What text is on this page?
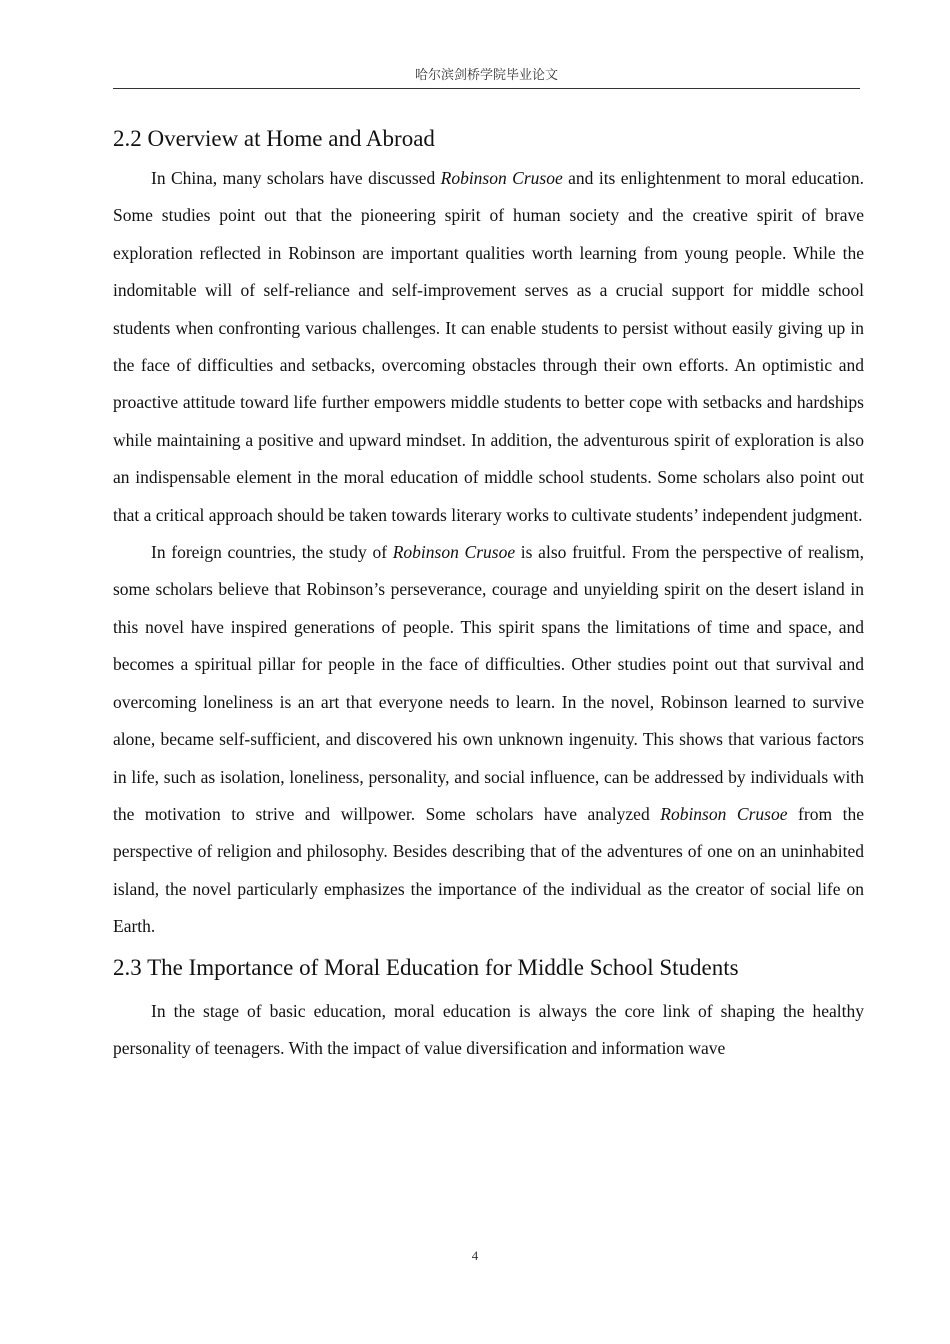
哈尔滨剑桥学院毕业论文
2.2 Overview at Home and Abroad

In China, many scholars have discussed Robinson Crusoe and its enlightenment to moral education. Some studies point out that the pioneering spirit of human society and the creative spirit of brave exploration reflected in Robinson are important qualities worth learning from young people. While the indomitable will of self-reliance and self-improvement serves as a crucial support for middle school students when confronting various challenges. It can enable students to persist without easily giving up in the face of difficulties and setbacks, overcoming obstacles through their own efforts. An optimistic and proactive attitude toward life further empowers middle students to better cope with setbacks and hardships while maintaining a positive and upward mindset. In addition, the adventurous spirit of exploration is also an indispensable element in the moral education of middle school students. Some scholars also point out that a critical approach should be taken towards literary works to cultivate students’ independent judgment.

In foreign countries, the study of Robinson Crusoe is also fruitful. From the perspective of realism, some scholars believe that Robinson’s perseverance, courage and unyielding spirit on the desert island in this novel have inspired generations of people. This spirit spans the limitations of time and space, and becomes a spiritual pillar for people in the face of difficulties. Other studies point out that survival and overcoming loneliness is an art that everyone needs to learn. In the novel, Robinson learned to survive alone, became self-sufficient, and discovered his own unknown ingenuity. This shows that various factors in life, such as isolation, loneliness, personality, and social influence, can be addressed by individuals with the motivation to strive and willpower. Some scholars have analyzed Robinson Crusoe from the perspective of religion and philosophy. Besides describing that of the adventures of one on an uninhabited island, the novel particularly emphasizes the importance of the individual as the creator of social life on Earth.

2.3 The Importance of Moral Education for Middle School Students

In the stage of basic education, moral education is always the core link of shaping the healthy personality of teenagers. With the impact of value diversification and information wave

4
